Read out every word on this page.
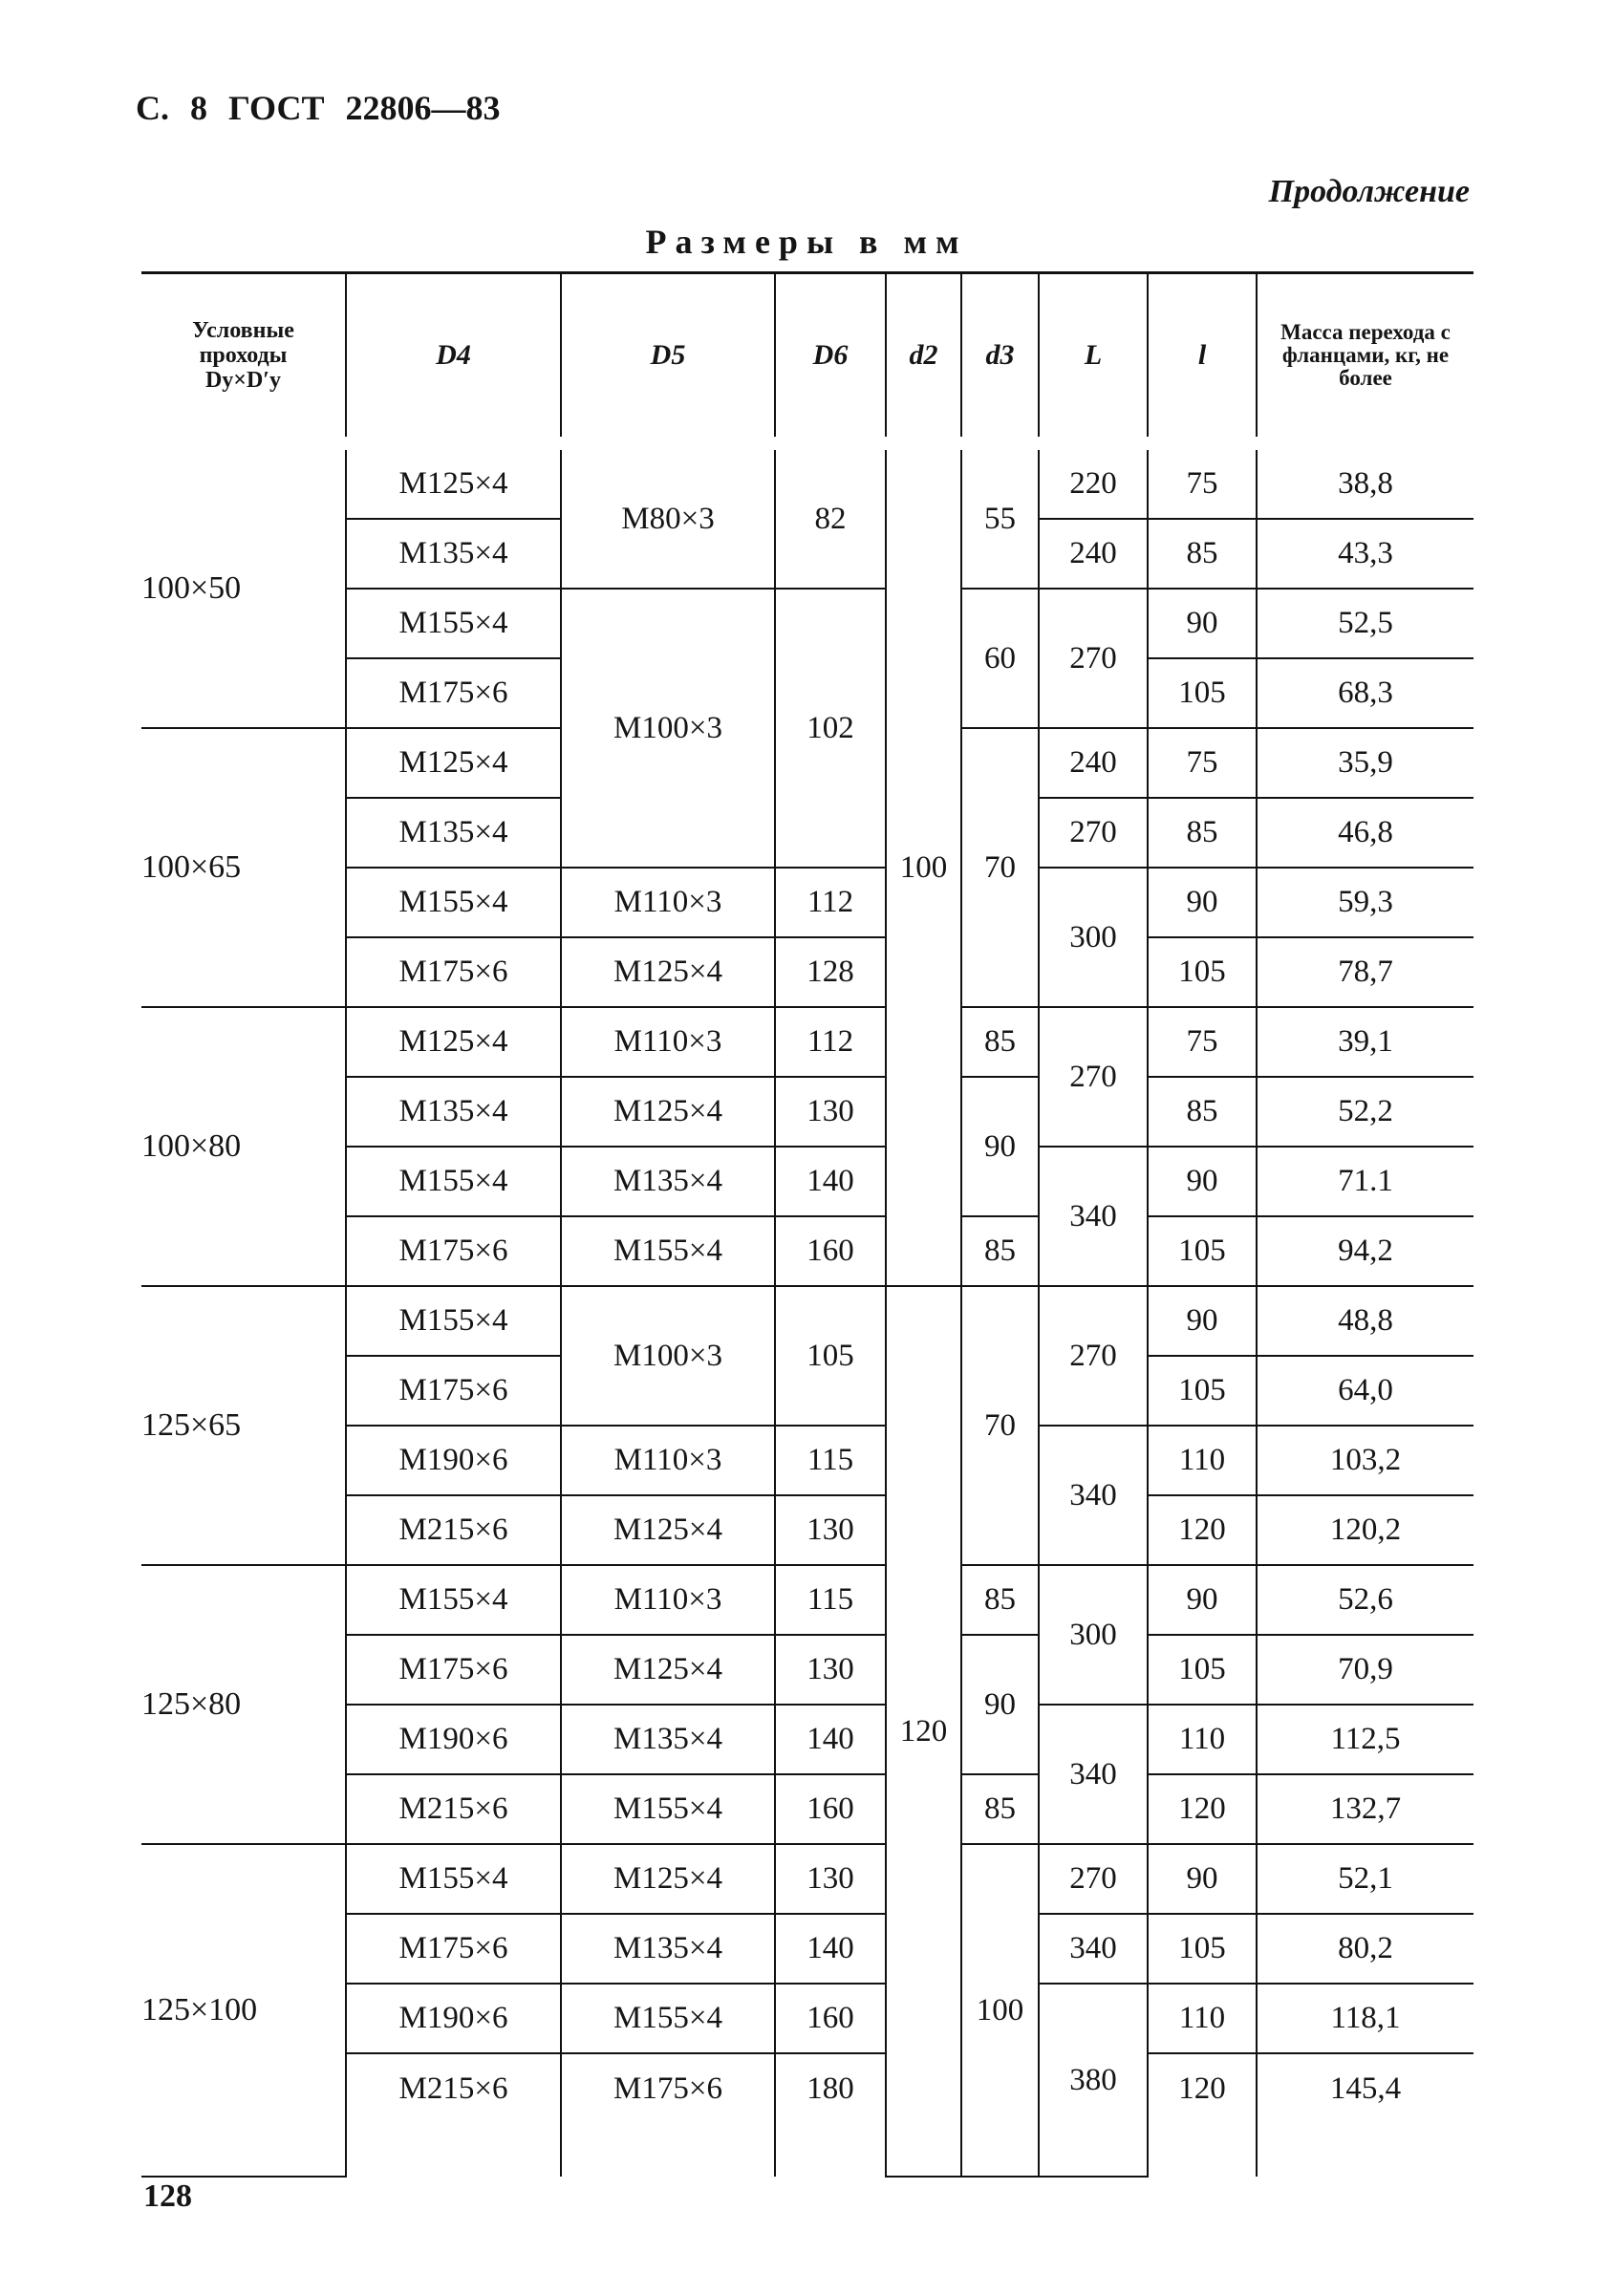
С. 8 ГОСТ 22806—83
Продолжение
Размеры в мм
Условные
проходы
Dу×D′у	D4	D5	D6	d2	d3	L	l	Масса перехода с фланцами, кг, не более
100×50	M125×4	M80×3	82	100	55	220	75	38,8
	M135×4					240	85	43,3
	M155×4	M100×3	102		60	270	90	52,5
	M175×6						105	68,3
100×65	M125×4				70	240	75	35,9
	M135×4					270	85	46,8
	M155×4	M110×3	112			300	90	59,3
	M175×6	M125×4	128				105	78,7
100×80	M125×4	M110×3	112		85	270	75	39,1
	M135×4	M125×4	130		90		85	52,2
	M155×4	M135×4	140			340	90	71.1
	M175×6	M155×4	160		85		105	94,2
125×65	M155×4	M100×3	105	120	70	270	90	48,8
	M175×6						105	64,0
	M190×6	M110×3	115			340	110	103,2
	M215×6	M125×4	130				120	120,2
125×80	M155×4	M110×3	115		85	300	90	52,6
	M175×6	M125×4	130		90		105	70,9
	M190×6	M135×4	140			340	110	112,5
	M215×6	M155×4	160		85		120	132,7
125×100	M155×4	M125×4	130		100	270	90	52,1
	M175×6	M135×4	140			340	105	80,2
	M190×6	M155×4	160			380	110	118,1
	M215×6	M175×6	180				120	145,4
128
